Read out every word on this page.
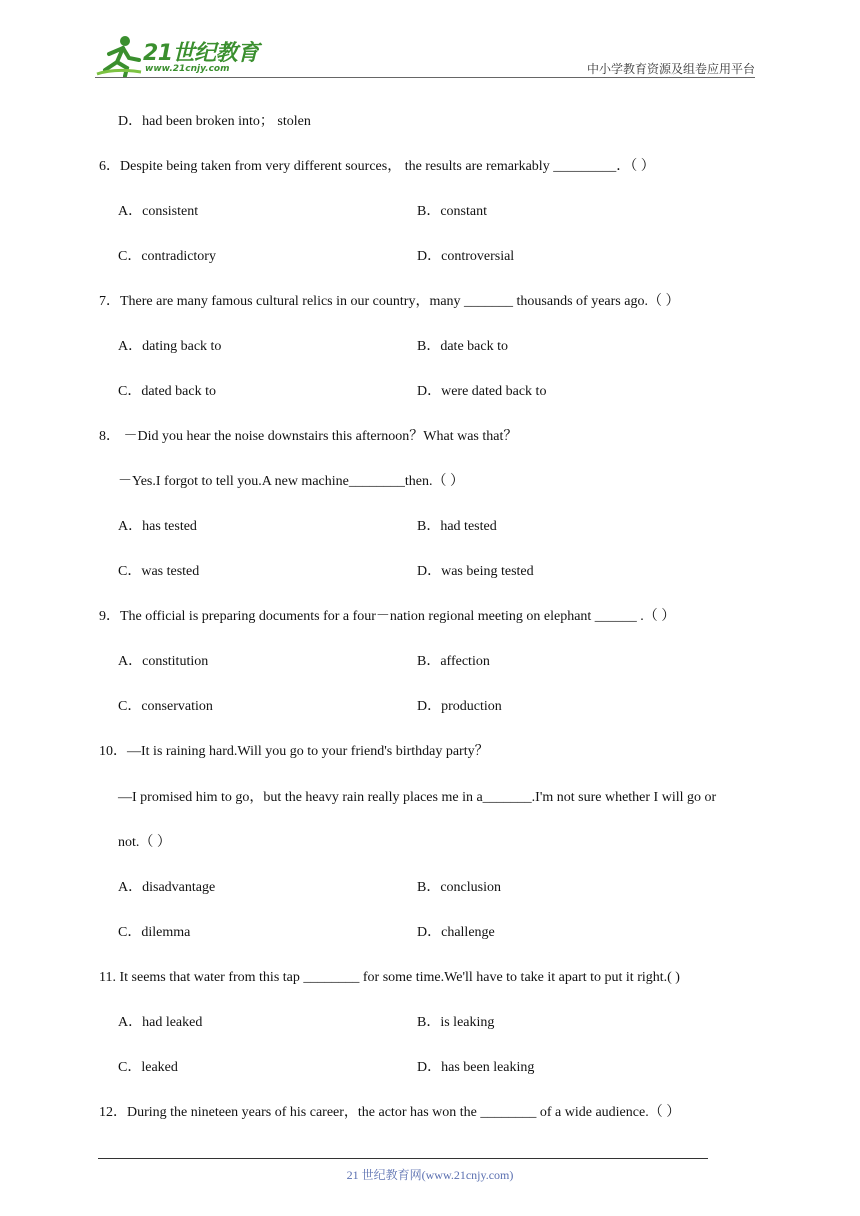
21世纪教育
www.21cnjy.com	中小学教育资源及组卷应用平台
D．had been broken into； stolen
6．Despite being taken from very different sources， the results are remarkably _________．（ ）
A．consistent	B．constant
C．contradictory	D．controversial
7．There are many famous cultural relics in our country，many _______ thousands of years ago.（ ）
A．dating back to	B．date back to
C．dated back to	D．were dated back to
8． －Did you hear the noise downstairs this afternoon？What was that？
－Yes.I forgot to tell you.A new machine________then.（ ）
A．has tested	B．had tested
C．was tested	D．was being tested
9．The official is preparing documents for a four－nation regional meeting on elephant ______ .（ ）
A．constitution	B．affection
C．conservation	D．production
10．—It is raining hard.Will you go to your friend's birthday party？
—I promised him to go，but the heavy rain really places me in a_______.I'm not sure whether I will go or
not.（ ）
A．disadvantage	B．conclusion
C．dilemma	D．challenge
11. It seems that water from this tap ________ for some time.We'll have to take it apart to put it right.( )
A．had leaked	B．is leaking
C．leaked	D．has been leaking
12．During the nineteen years of his career，the actor has won the ________ of a wide audience.（ ）
21 世纪教育网(www.21cnjy.com)
